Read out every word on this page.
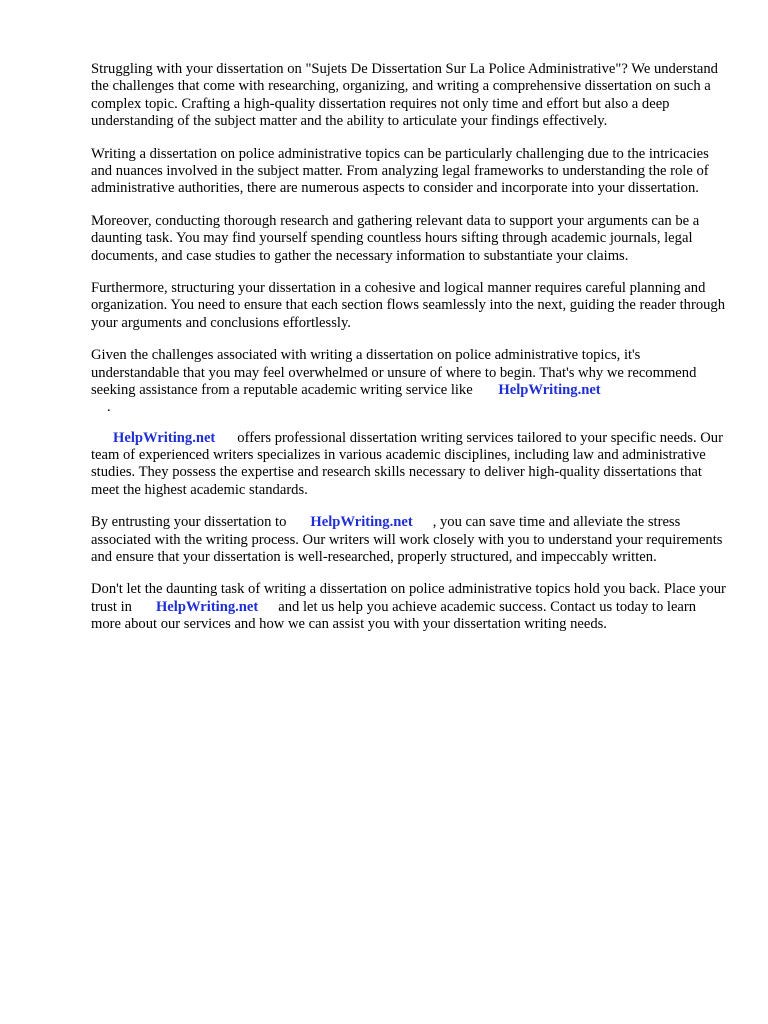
Struggling with your dissertation on "Sujets De Dissertation Sur La Police Administrative"? We understand the challenges that come with researching, organizing, and writing a comprehensive dissertation on such a complex topic. Crafting a high-quality dissertation requires not only time and effort but also a deep understanding of the subject matter and the ability to articulate your findings effectively.

Writing a dissertation on police administrative topics can be particularly challenging due to the intricacies and nuances involved in the subject matter. From analyzing legal frameworks to understanding the role of administrative authorities, there are numerous aspects to consider and incorporate into your dissertation.

Moreover, conducting thorough research and gathering relevant data to support your arguments can be a daunting task. You may find yourself spending countless hours sifting through academic journals, legal documents, and case studies to gather the necessary information to substantiate your claims.

Furthermore, structuring your dissertation in a cohesive and logical manner requires careful planning and organization. You need to ensure that each section flows seamlessly into the next, guiding the reader through your arguments and conclusions effortlessly.

Given the challenges associated with writing a dissertation on police administrative topics, it's understandable that you may feel overwhelmed or unsure of where to begin. That's why we recommend seeking assistance from a reputable academic writing service like HelpWriting.net
.

HelpWriting.net offers professional dissertation writing services tailored to your specific needs. Our team of experienced writers specializes in various academic disciplines, including law and administrative studies. They possess the expertise and research skills necessary to deliver high-quality dissertations that meet the highest academic standards.

By entrusting your dissertation to HelpWriting.net , you can save time and alleviate the stress associated with the writing process. Our writers will work closely with you to understand your requirements and ensure that your dissertation is well-researched, properly structured, and impeccably written.

Don't let the daunting task of writing a dissertation on police administrative topics hold you back. Place your trust in HelpWriting.net and let us help you achieve academic success. Contact us today to learn more about our services and how we can assist you with your dissertation writing needs.
